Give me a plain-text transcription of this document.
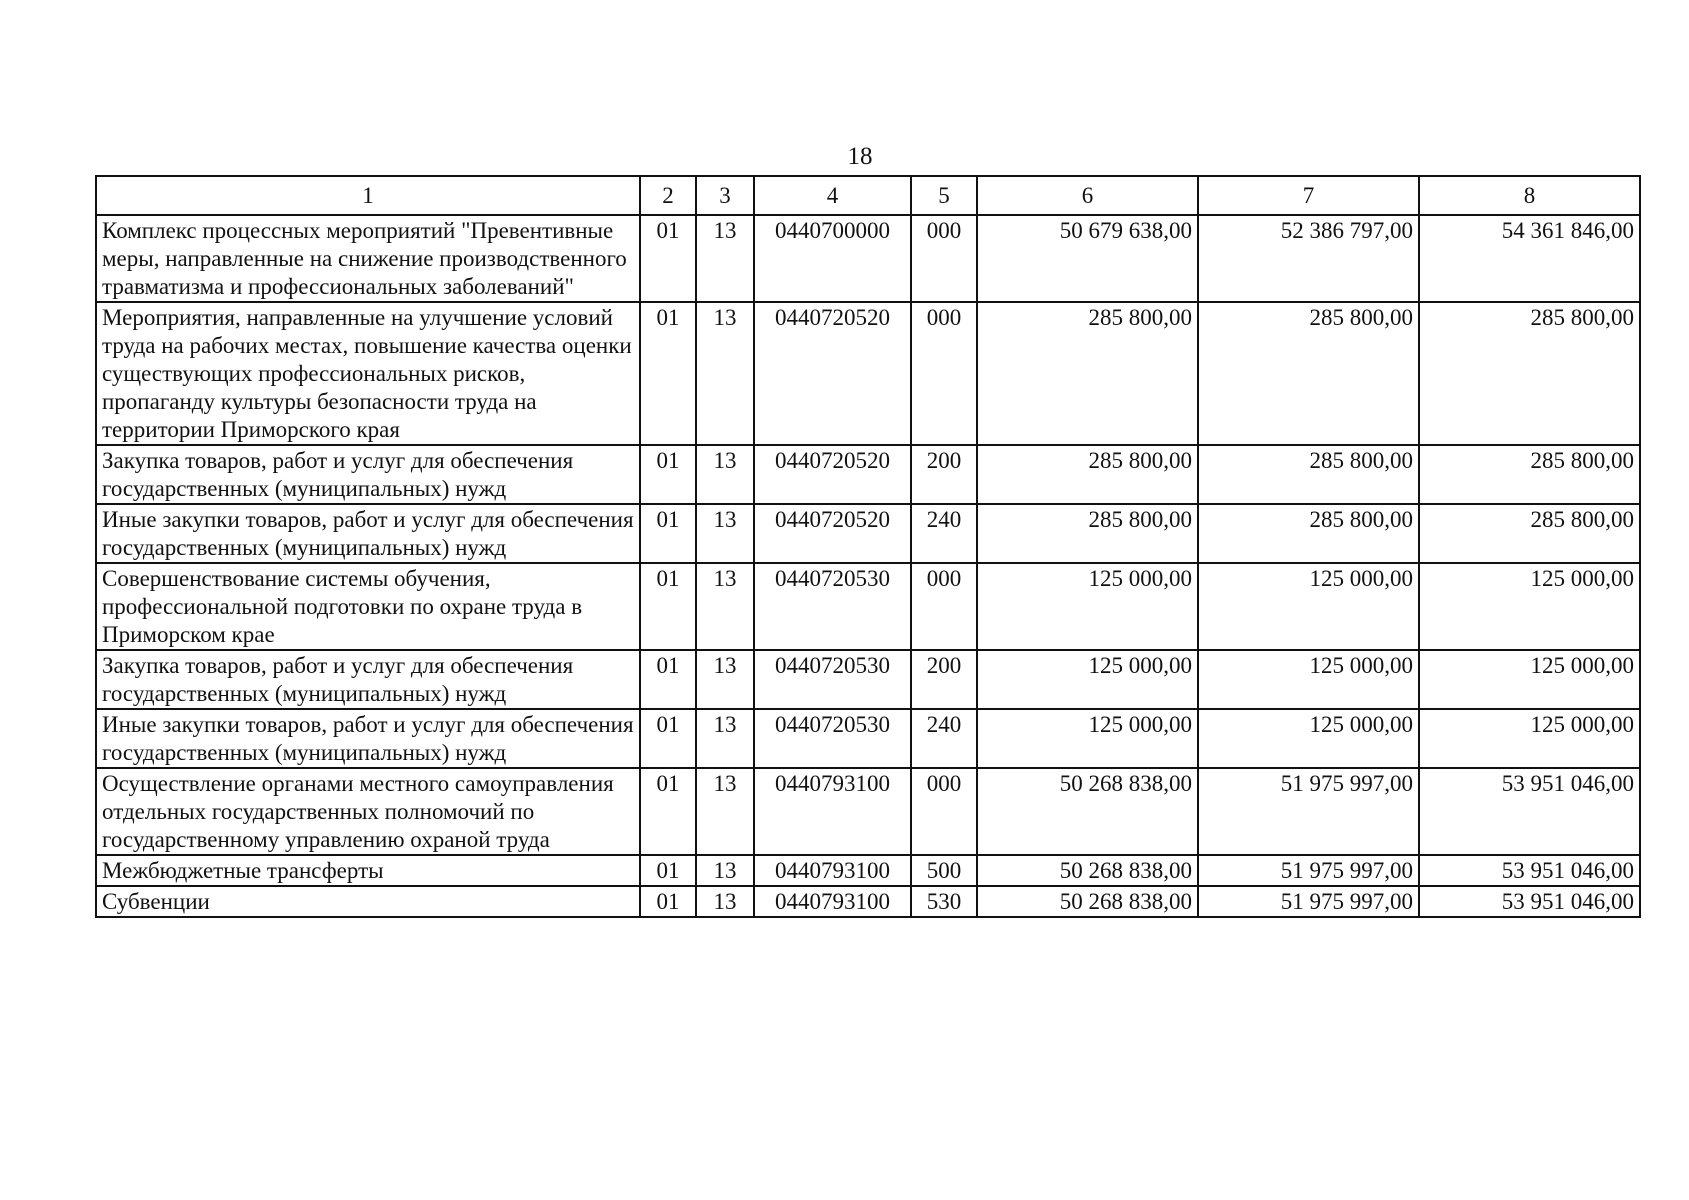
18
1	2	3	4	5	6	7	8
Комплекс процессных мероприятий "Превентивные меры, направленные на снижение производственного травматизма и профессиональных заболеваний"	01	13	0440700000	000	50 679 638,00	52 386 797,00	54 361 846,00
Мероприятия, направленные на улучшение условий труда на рабочих местах, повышение качества оценки существующих профессиональных рисков, пропаганду культуры безопасности труда на территории Приморского края	01	13	0440720520	000	285 800,00	285 800,00	285 800,00
Закупка товаров, работ и услуг для обеспечения государственных (муниципальных) нужд	01	13	0440720520	200	285 800,00	285 800,00	285 800,00
Иные закупки товаров, работ и услуг для обеспечения государственных (муниципальных) нужд	01	13	0440720520	240	285 800,00	285 800,00	285 800,00
Совершенствование системы обучения, профессиональной подготовки по охране труда в Приморском крае	01	13	0440720530	000	125 000,00	125 000,00	125 000,00
Закупка товаров, работ и услуг для обеспечения государственных (муниципальных) нужд	01	13	0440720530	200	125 000,00	125 000,00	125 000,00
Иные закупки товаров, работ и услуг для обеспечения государственных (муниципальных) нужд	01	13	0440720530	240	125 000,00	125 000,00	125 000,00
Осуществление органами местного самоуправления отдельных государственных полномочий по государственному управлению охраной труда	01	13	0440793100	000	50 268 838,00	51 975 997,00	53 951 046,00
Межбюджетные трансферты	01	13	0440793100	500	50 268 838,00	51 975 997,00	53 951 046,00
Субвенции	01	13	0440793100	530	50 268 838,00	51 975 997,00	53 951 046,00
